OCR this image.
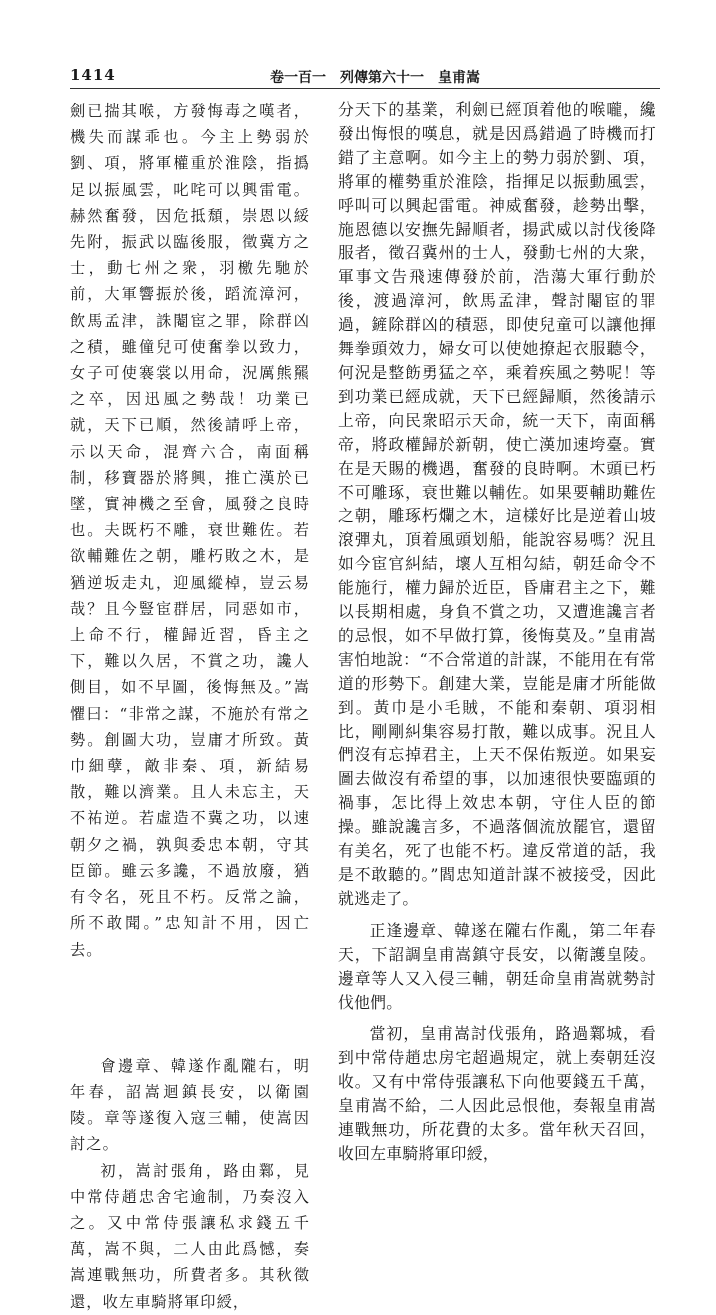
1414	卷一百一　列傳第六十一　皇甫嵩

劍已揣其喉，方發悔毒之嘆者，機失而謀乖也。今主上勢弱於劉、項，將軍權重於淮陰，指撝足以振風雲，叱咤可以興雷電。赫然奮發，因危抵頹，崇恩以綏先附，振武以臨後服，徵冀方之士，動七州之衆，羽檄先馳於前，大軍響振於後，蹈流漳河，飲馬孟津，誅閹宦之罪，除群凶之積，雖僮兒可使奮拳以致力，女子可使褰裳以用命，況厲熊羆之卒，因迅風之勢哉！功業已就，天下已順，然後請呼上帝，示以天命，混齊六合，南面稱制，移寶器於將興，推亡漢於已墜，實神機之至會，風發之良時也。夫既朽不雕，衰世難佐。若欲輔難佐之朝，雕朽敗之木，是猶逆坂走丸，迎風縱棹，豈云易哉？且今豎宦群居，同惡如市，上命不行，權歸近習，昏主之下，難以久居，不賞之功，讒人側目，如不早圖，後悔無及。”嵩懼曰：“非常之謀，不施於有常之勢。創圖大功，豈庸才所致。黃巾細孽，敵非秦、項，新結易散，難以濟業。且人未忘主，天不祐逆。若虛造不冀之功，以速朝夕之禍，孰與委忠本朝，守其臣節。雖云多讒，不過放廢，猶有令名，死且不朽。反常之論，所不敢聞。”忠知計不用，因亡去。

會邊章、韓遂作亂隴右，明年春，詔嵩迴鎮長安，以衛園陵。章等遂復入寇三輔，使嵩因討之。

初，嵩討張角，路由鄴，見中常侍趙忠舍宅逾制，乃奏沒入之。又中常侍張讓私求錢五千萬，嵩不與，二人由此爲憾，奏嵩連戰無功，所費者多。其秋徵還，收左車騎將軍印綬，

分天下的基業，利劍已經頂着他的喉嚨，纔發出悔恨的嘆息，就是因爲錯過了時機而打錯了主意啊。如今主上的勢力弱於劉、項，將軍的權勢重於淮陰，指揮足以振動風雲，呼叫可以興起雷電。神威奮發，趁勢出擊，施恩德以安撫先歸順者，揚武威以討伐後降服者，徵召冀州的士人，發動七州的大衆，軍事文告飛速傳發於前，浩蕩大軍行動於後，渡過漳河，飲馬孟津，聲討閹宦的罪過，鏟除群凶的積惡，即使兒童可以讓他揮舞拳頭效力，婦女可以使她撩起衣服聽令，何況是整飭勇猛之卒，乘着疾風之勢呢！等到功業已經成就，天下已經歸順，然後請示上帝，向民衆昭示天命，統一天下，南面稱帝，將政權歸於新朝，使亡漢加速垮臺。實在是天賜的機遇，奮發的良時啊。木頭已朽不可雕琢，衰世難以輔佐。如果要輔助難佐之朝，雕琢朽爛之木，這樣好比是逆着山坡滾彈丸，頂着風頭划船，能說容易嗎？況且如今宦官糾結，壞人互相勾結，朝廷命令不能施行，權力歸於近臣，昏庸君主之下，難以長期相處，身負不賞之功，又遭進讒言者的忌恨，如不早做打算，後悔莫及。”皇甫嵩害怕地說：“不合常道的計謀，不能用在有常道的形勢下。創建大業，豈能是庸才所能做到。黃巾是小毛賊，不能和秦朝、項羽相比，剛剛糾集容易打散，難以成事。況且人們沒有忘掉君主，上天不保佑叛逆。如果妄圖去做沒有希望的事，以加速很快要臨頭的禍事，怎比得上效忠本朝，守住人臣的節操。雖說讒言多，不過落個流放罷官，還留有美名，死了也能不朽。違反常道的話，我是不敢聽的。”閻忠知道計謀不被接受，因此就逃走了。

正逢邊章、韓遂在隴右作亂，第二年春天，下詔調皇甫嵩鎮守長安，以衛護皇陵。邊章等人又入侵三輔，朝廷命皇甫嵩就勢討伐他們。

當初，皇甫嵩討伐張角，路過鄴城，看到中常侍趙忠房宅超過規定，就上奏朝廷沒收。又有中常侍張讓私下向他要錢五千萬，皇甫嵩不給，二人因此忌恨他，奏報皇甫嵩連戰無功，所花費的太多。當年秋天召回，收回左車騎將軍印綬，
